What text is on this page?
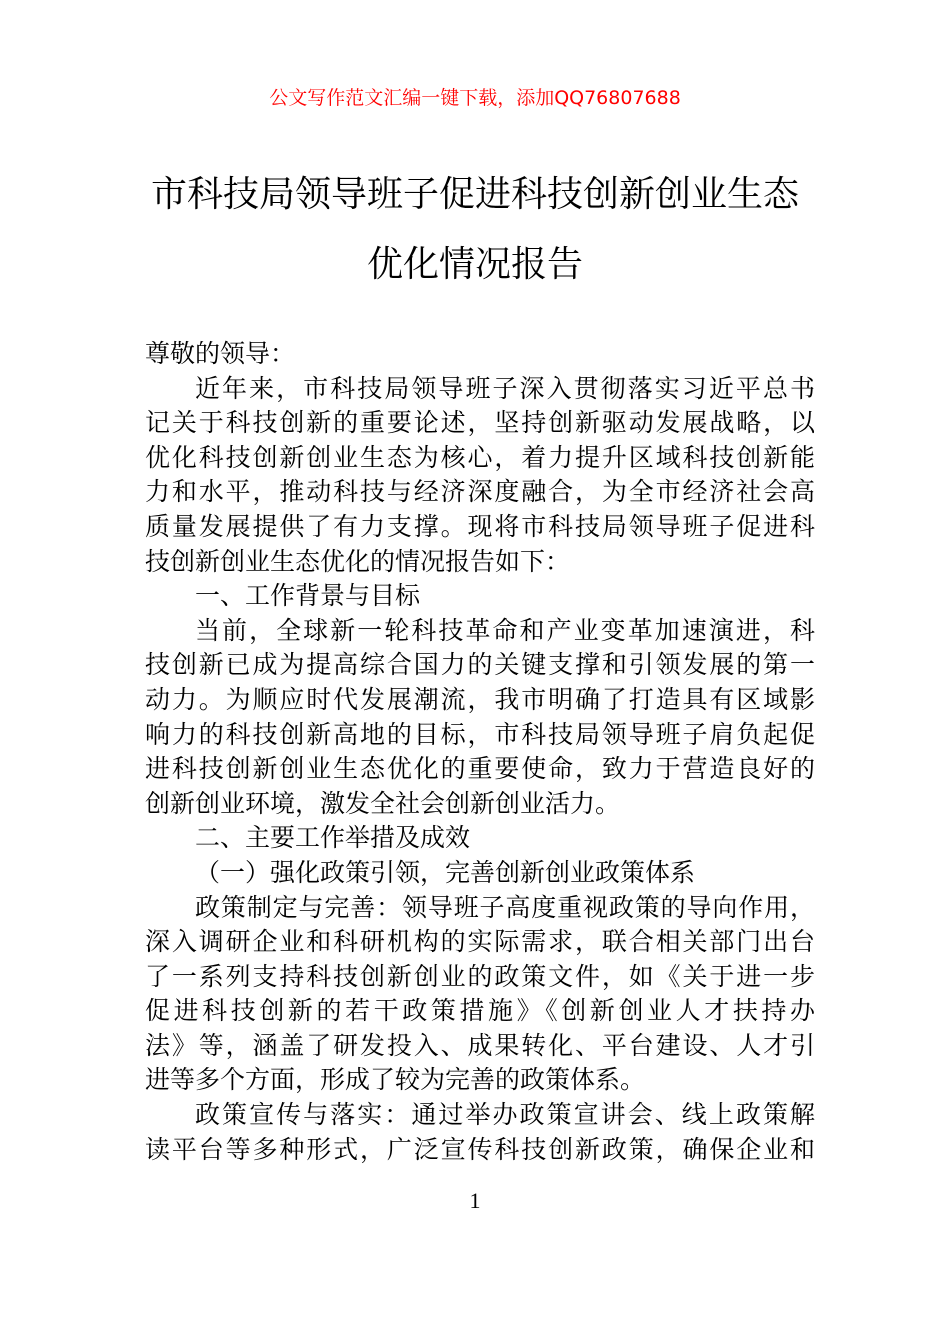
公文写作范文汇编一键下载，添加QQ76807688
市科技局领导班子促进科技创新创业生态
优化情况报告
尊敬的领导：
近年来，市科技局领导班子深入贯彻落实习近平总书
记关于科技创新的重要论述，坚持创新驱动发展战略，以
优化科技创新创业生态为核心，着力提升区域科技创新能
力和水平，推动科技与经济深度融合，为全市经济社会高
质量发展提供了有力支撑。现将市科技局领导班子促进科
技创新创业生态优化的情况报告如下：
一、工作背景与目标
当前，全球新一轮科技革命和产业变革加速演进，科
技创新已成为提高综合国力的关键支撑和引领发展的第一
动力。为顺应时代发展潮流，我市明确了打造具有区域影
响力的科技创新高地的目标，市科技局领导班子肩负起促
进科技创新创业生态优化的重要使命，致力于营造良好的
创新创业环境，激发全社会创新创业活力。
二、主要工作举措及成效
（一）强化政策引领，完善创新创业政策体系
政策制定与完善：领导班子高度重视政策的导向作用，
深入调研企业和科研机构的实际需求，联合相关部门出台
了一系列支持科技创新创业的政策文件，如《关于进一步
促进科技创新的若干政策措施》《创新创业人才扶持办
法》等，涵盖了研发投入、成果转化、平台建设、人才引
进等多个方面，形成了较为完善的政策体系。
政策宣传与落实：通过举办政策宣讲会、线上政策解
读平台等多种形式，广泛宣传科技创新政策，确保企业和
1
